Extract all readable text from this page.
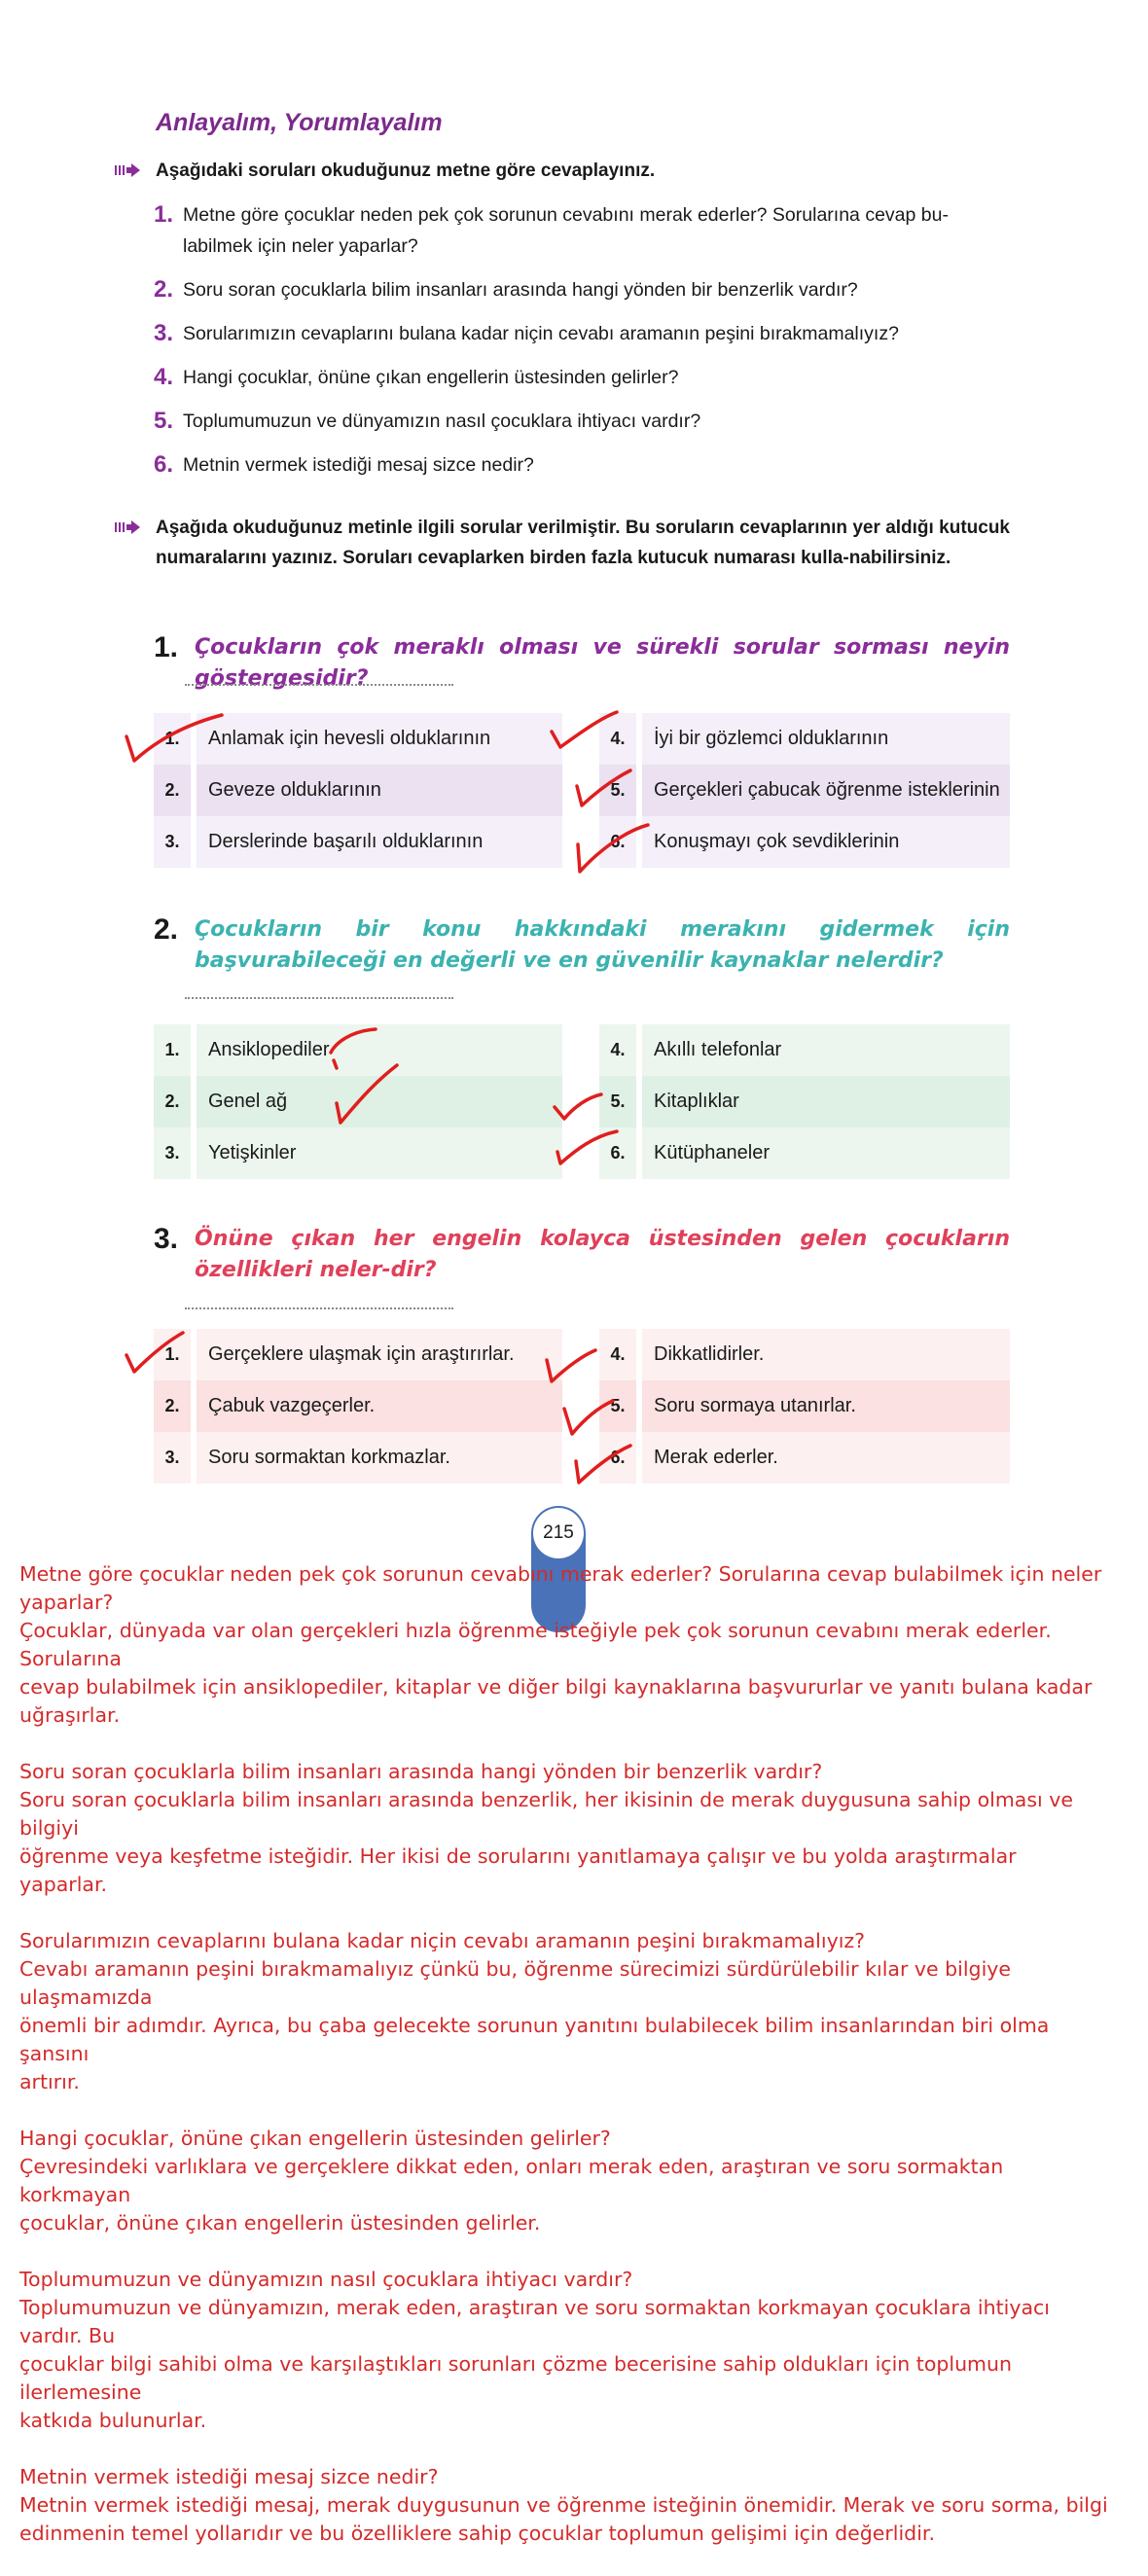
Anlayalım, Yorumlayalım
Aşağıdaki soruları okuduğunuz metne göre cevaplayınız.
1. Metne göre çocuklar neden pek çok sorunun cevabını merak ederler? Sorularına cevap bu-labilmek için neler yaparlar?
2. Soru soran çocuklarla bilim insanları arasında hangi yönden bir benzerlik vardır?
3. Sorularımızın cevaplarını bulana kadar niçin cevabı aramanın peşini bırakmamalıyız?
4. Hangi çocuklar, önüne çıkan engellerin üstesinden gelirler?
5. Toplumumuzun ve dünyamızın nasıl çocuklara ihtiyacı vardır?
6. Metnin vermek istediği mesaj sizce nedir?
Aşağıda okuduğunuz metinle ilgili sorular verilmiştir. Bu soruların cevaplarının yer aldığı kutucuk numaralarını yazınız. Soruları cevaplarken birden fazla kutucuk numarası kulla-nabilirsiniz.
1. Çocukların çok meraklı olması ve sürekli sorular sorması neyin göstergesidir?
1.	Anlamak için hevesli olduklarının
2.	Geveze olduklarının
3.	Derslerinde başarılı olduklarının
4.	İyi bir gözlemci olduklarının
5.	Gerçekleri çabucak öğrenme isteklerinin
6.	Konuşmayı çok sevdiklerinin
2. Çocukların bir konu hakkındaki merakını gidermek için başvurabileceği en değerli ve en güvenilir kaynaklar nelerdir?
1.	Ansiklopediler
2.	Genel ağ
3.	Yetişkinler
4.	Akıllı telefonlar
5.	Kitaplıklar
6.	Kütüphaneler
3. Önüne çıkan her engelin kolayca üstesinden gelen çocukların özellikleri neler-dir?
1.	Gerçeklere ulaşmak için araştırırlar.
2.	Çabuk vazgeçerler.
3.	Soru sormaktan korkmazlar.
4.	Dikkatlidirler.
5.	Soru sormaya utanırlar.
6.	Merak ederler.
215

Metne göre çocuklar neden pek çok sorunun cevabını merak ederler? Sorularına cevap bulabilmek için neler
yaparlar?
Çocuklar, dünyada var olan gerçekleri hızla öğrenme isteğiyle pek çok sorunun cevabını merak ederler. Sorularına
cevap bulabilmek için ansiklopediler, kitaplar ve diğer bilgi kaynaklarına başvururlar ve yanıtı bulana kadar
uğraşırlar.

Soru soran çocuklarla bilim insanları arasında hangi yönden bir benzerlik vardır?
Soru soran çocuklarla bilim insanları arasında benzerlik, her ikisinin de merak duygusuna sahip olması ve bilgiyi
öğrenme veya keşfetme isteğidir. Her ikisi de sorularını yanıtlamaya çalışır ve bu yolda araştırmalar yaparlar.

Sorularımızın cevaplarını bulana kadar niçin cevabı aramanın peşini bırakmamalıyız?
Cevabı aramanın peşini bırakmamalıyız çünkü bu, öğrenme sürecimizi sürdürülebilir kılar ve bilgiye ulaşmamızda
önemli bir adımdır. Ayrıca, bu çaba gelecekte sorunun yanıtını bulabilecek bilim insanlarından biri olma şansını
artırır.

Hangi çocuklar, önüne çıkan engellerin üstesinden gelirler?
Çevresindeki varlıklara ve gerçeklere dikkat eden, onları merak eden, araştıran ve soru sormaktan korkmayan
çocuklar, önüne çıkan engellerin üstesinden gelirler.

Toplumumuzun ve dünyamızın nasıl çocuklara ihtiyacı vardır?
Toplumumuzun ve dünyamızın, merak eden, araştıran ve soru sormaktan korkmayan çocuklara ihtiyacı vardır. Bu
çocuklar bilgi sahibi olma ve karşılaştıkları sorunları çözme becerisine sahip oldukları için toplumun ilerlemesine
katkıda bulunurlar.

Metnin vermek istediği mesaj sizce nedir?
Metnin vermek istediği mesaj, merak duygusunun ve öğrenme isteğinin önemidir. Merak ve soru sorma, bilgi
edinmenin temel yollarıdır ve bu özelliklere sahip çocuklar toplumun gelişimi için değerlidir.
